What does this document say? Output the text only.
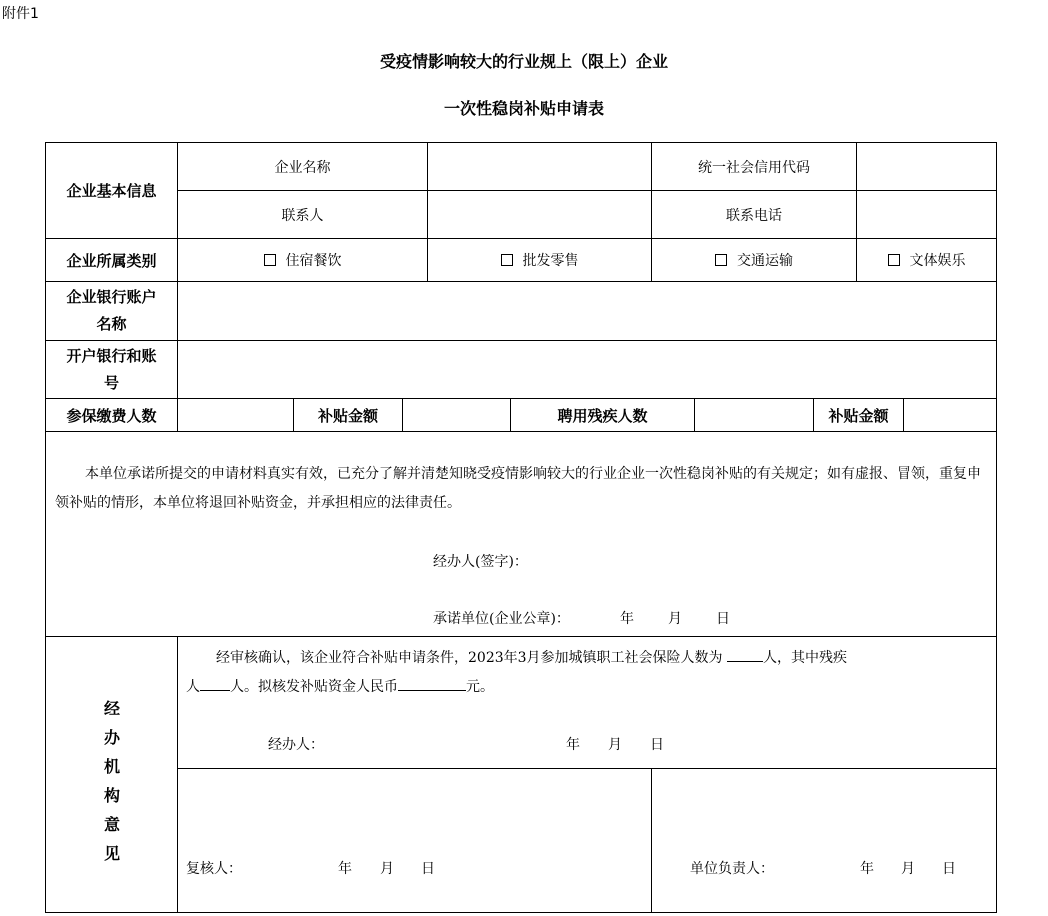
附件1
受疫情影响较大的行业规上（限上）企业
一次性稳岗补贴申请表
企业基本信息
企业名称	统一社会信用代码
联系人	联系电话
企业所属类别	住宿餐饮	批发零售	交通运输	文体娱乐
企业银行账户
名称
开户银行和账
号
参保缴费人数	补贴金额	聘用残疾人数	补贴金额
本单位承诺所提交的申请材料真实有效，已充分了解并清楚知晓受疫情影响较大的行业企业一次性稳岗补贴的有关规定；如有虚报、冒领，重复申领补贴的情形，本单位将退回补贴资金，并承担相应的法律责任。
经办人(签字)：
承诺单位(企业公章)：	年 月 日
经
办
机
构
意
见
经审核确认，该企业符合补贴申请条件，2023年3月参加城镇职工社会保险人数为	人，其中残疾
人 人。拟核发补贴资金人民币	元。
经办人：	年 月 日
复核人：	年 月 日	单位负责人：	年 月 日
